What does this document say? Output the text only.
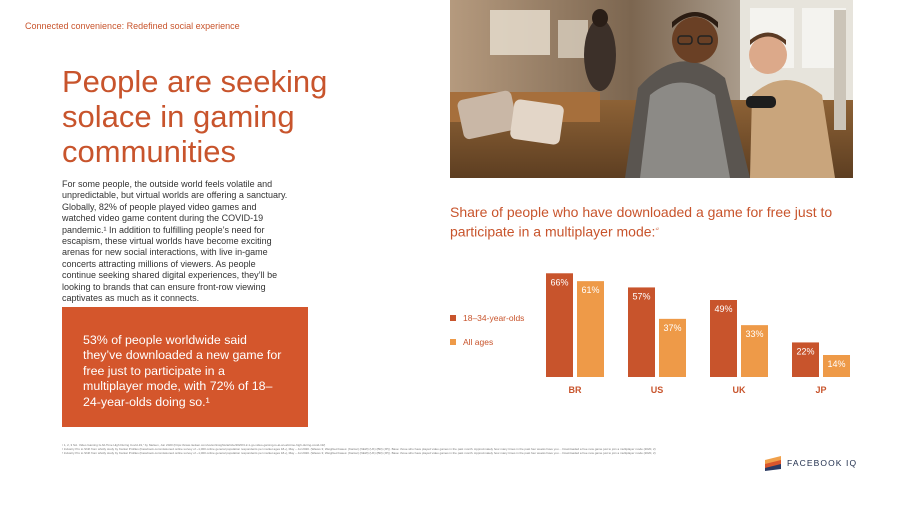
Connected convenience: Redefined social experience
People are seeking solace in gaming communities

For some people, the outside world feels volatile and unpredictable, but virtual worlds are offering a sanctuary. Globally, 82% of people played video games and watched video game content during the COVID-19 pandemic.¹ In addition to fulfilling people’s need for escapism, these virtual worlds have become exciting arenas for new social interactions, with live in-game concerts attracting millions of viewers. As people continue seeking shared digital experiences, they’ll be looking to brands that can ensure front-row viewing captivates as much as it connects.

53% of people worldwide said they’ve downloaded a new game for free just to participate in a multiplayer mode, with 72% of 18–24-year-olds doing so.¹

Share of people who have downloaded a game for free just to participate in a multiplayer mode:$^{^{12}}$
18–34-year-olds
All ages
66%
61%
57%
37%
49%
33%
22%
14%
BR	US	UK	JP
¹ 1, 2, 3 Sci. Video Gaming Is All-Time High During Covid-19,” by Nielsen, Jun 2020 (https://www.nielsen.com/us/en/insights/article/2020/3-2-1-go-video-gaming-is-at-an-all-time-high-during-covid-19/)
² Industry Pro to Shift from wholly study by Kantar Profiles (Facebook-commissioned online survey of ~1,000 online general population respondents per market ages 18+), May – Jul 2020. (Waves 3; Weighted bases: (Kantar) (NEW) (UK) (BR) (JP)). Base: those who have played video games in the past month. Approximately how many times in the past four weeks have you… Downloaded a free new game just to join a multiplayer mode (2020, 2)
³ Industry Pro to Shift from wholly study by Kantar Profiles (Facebook-commissioned online survey of ~1,000 online general population respondents per market ages 18+), May – Jul 2020. (Waves 3; Weighted bases: (Kantar) (NEW) (UK) (BR) (JP)). Base: those who have played video games in the past month. Approximately how many times in the past four weeks have you… Downloaded a free new game just to join a multiplayer mode (2020, 2)
FACEBOOK IQ
